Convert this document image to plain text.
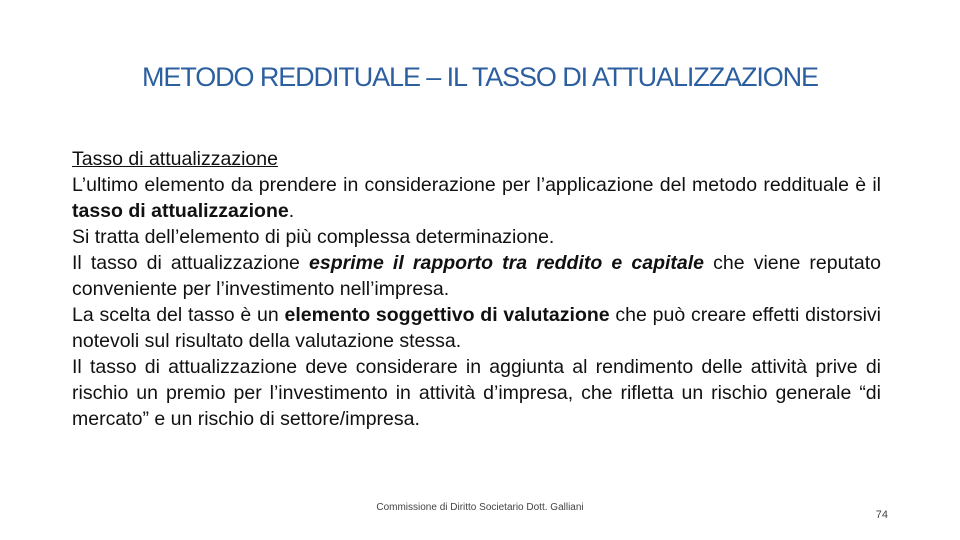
METODO REDDITUALE – IL TASSO DI ATTUALIZZAZIONE

Tasso di attualizzazione

L’ultimo elemento da prendere in considerazione per l’applicazione del metodo reddituale è il tasso di attualizzazione.

Si tratta dell’elemento di più complessa determinazione.

Il tasso di attualizzazione esprime il rapporto tra reddito e capitale che viene reputato conveniente per l’investimento nell’impresa.

La scelta del tasso è un elemento soggettivo di valutazione che può creare effetti distorsivi notevoli sul risultato della valutazione stessa.

Il tasso di attualizzazione deve considerare in aggiunta al rendimento delle attività prive di rischio un premio per l’investimento in attività d’impresa, che rifletta un rischio generale “di mercato” e un rischio di settore/impresa.

Commissione di Diritto Societario Dott. Galliani
74
